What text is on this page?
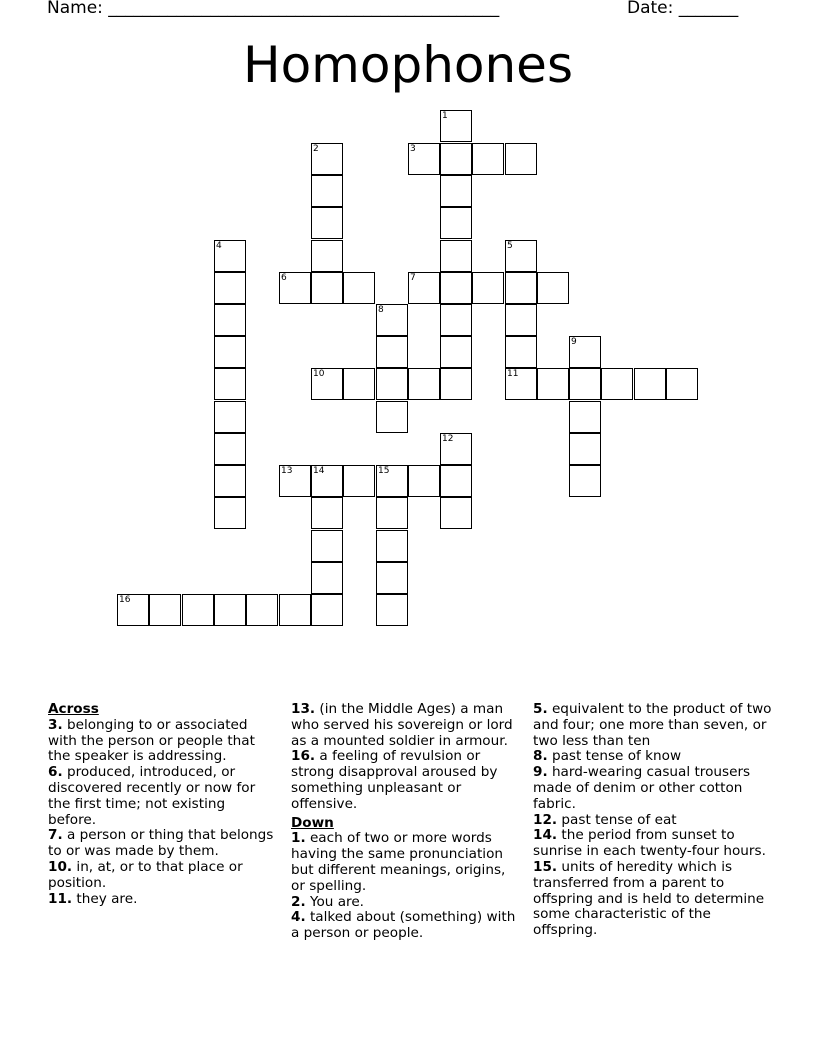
Name: ______________________________________________	Date: _______
Homophones
1
2	3
4	5
6	7
8
9
10	11
12
13 14	15
16
Across

3. belonging to or associated with the person or people that the speaker is addressing.

6. produced, introduced, or discovered recently or now for the first time; not existing before.

7. a person or thing that belongs to or was made by them.

10. in, at, or to that place or position.

11. they are.

13. (in the Middle Ages) a man who served his sovereign or lord as a mounted soldier in armour.

16. a feeling of revulsion or strong disapproval aroused by something unpleasant or offensive.

Down

1. each of two or more words having the same pronunciation but different meanings, origins, or spelling.

2. You are.

4. talked about (something) with a person or people.

5. equivalent to the product of two and four; one more than seven, or two less than ten

8. past tense of know

9. hard-wearing casual trousers made of denim or other cotton fabric.

12. past tense of eat

14. the period from sunset to sunrise in each twenty-four hours.

15. units of heredity which is transferred from a parent to offspring and is held to determine some characteristic of the offspring.
